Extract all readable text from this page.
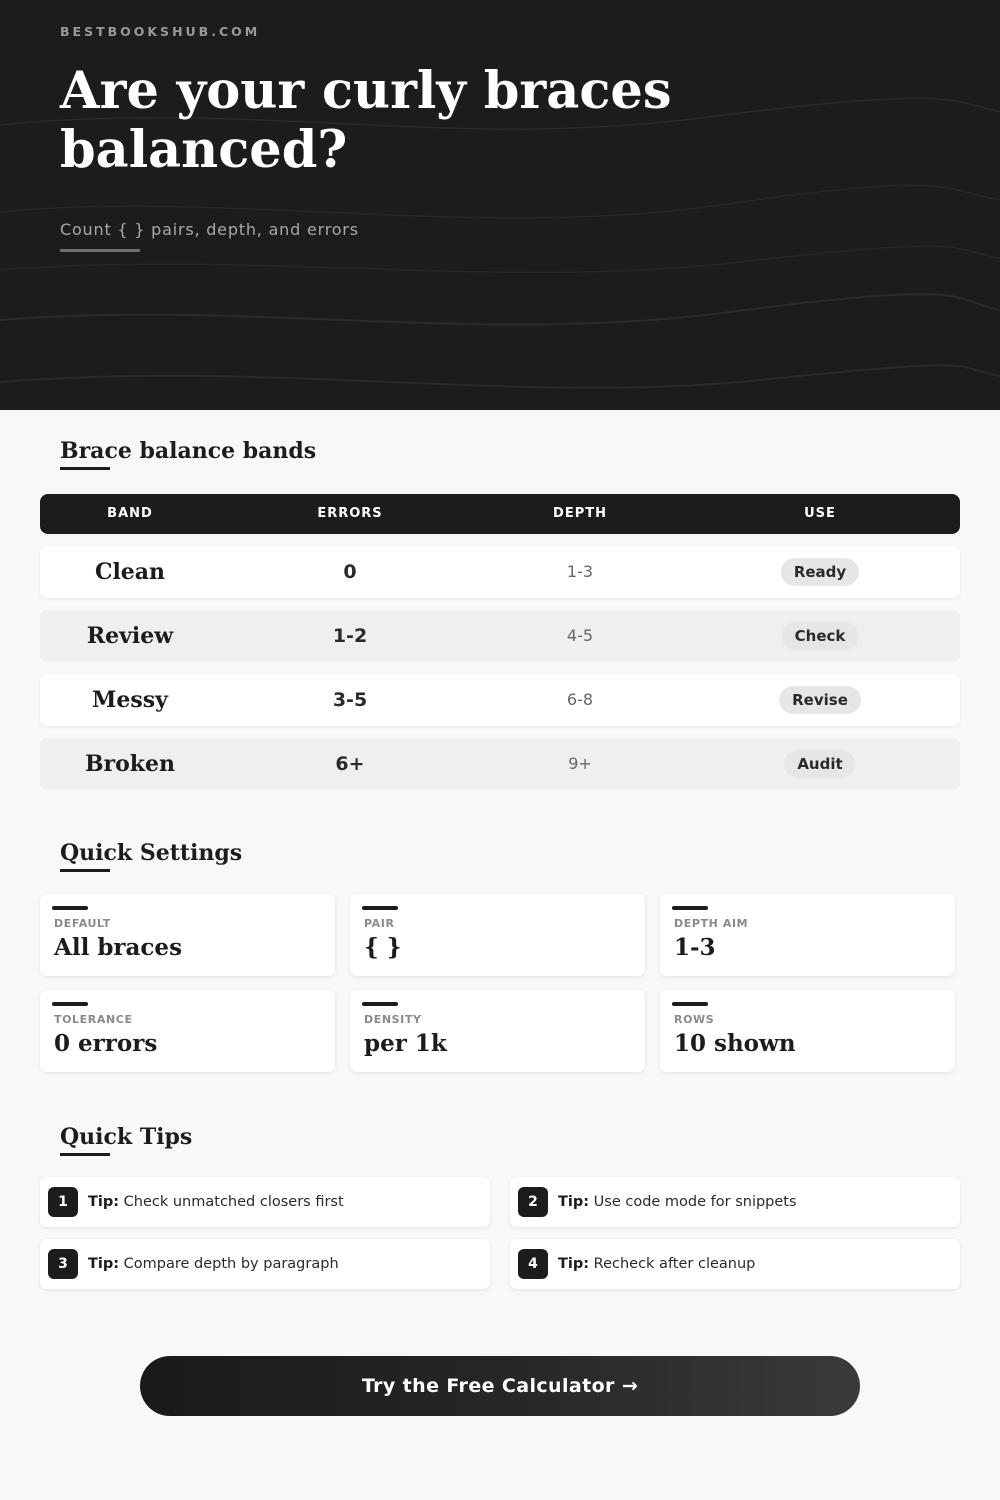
BESTBOOKSHUB.COM
Are your curly braces balanced?
Count { } pairs, depth, and errors
Brace balance bands
BAND	ERRORS	DEPTH	USE
Clean	0	1-3	Ready
Review	1-2	4-5	Check
Messy	3-5	6-8	Revise
Broken	6+	9+	Audit
Quick Settings
DEFAULT
All braces
PAIR
{ }
DEPTH AIM
1-3
TOLERANCE
0 errors
DENSITY
per 1k
ROWS
10 shown
Quick Tips
1	Tip: Check unmatched closers first	2	Tip: Use code mode for snippets
3	Tip: Compare depth by paragraph	4	Tip: Recheck after cleanup
Try the Free Calculator →
